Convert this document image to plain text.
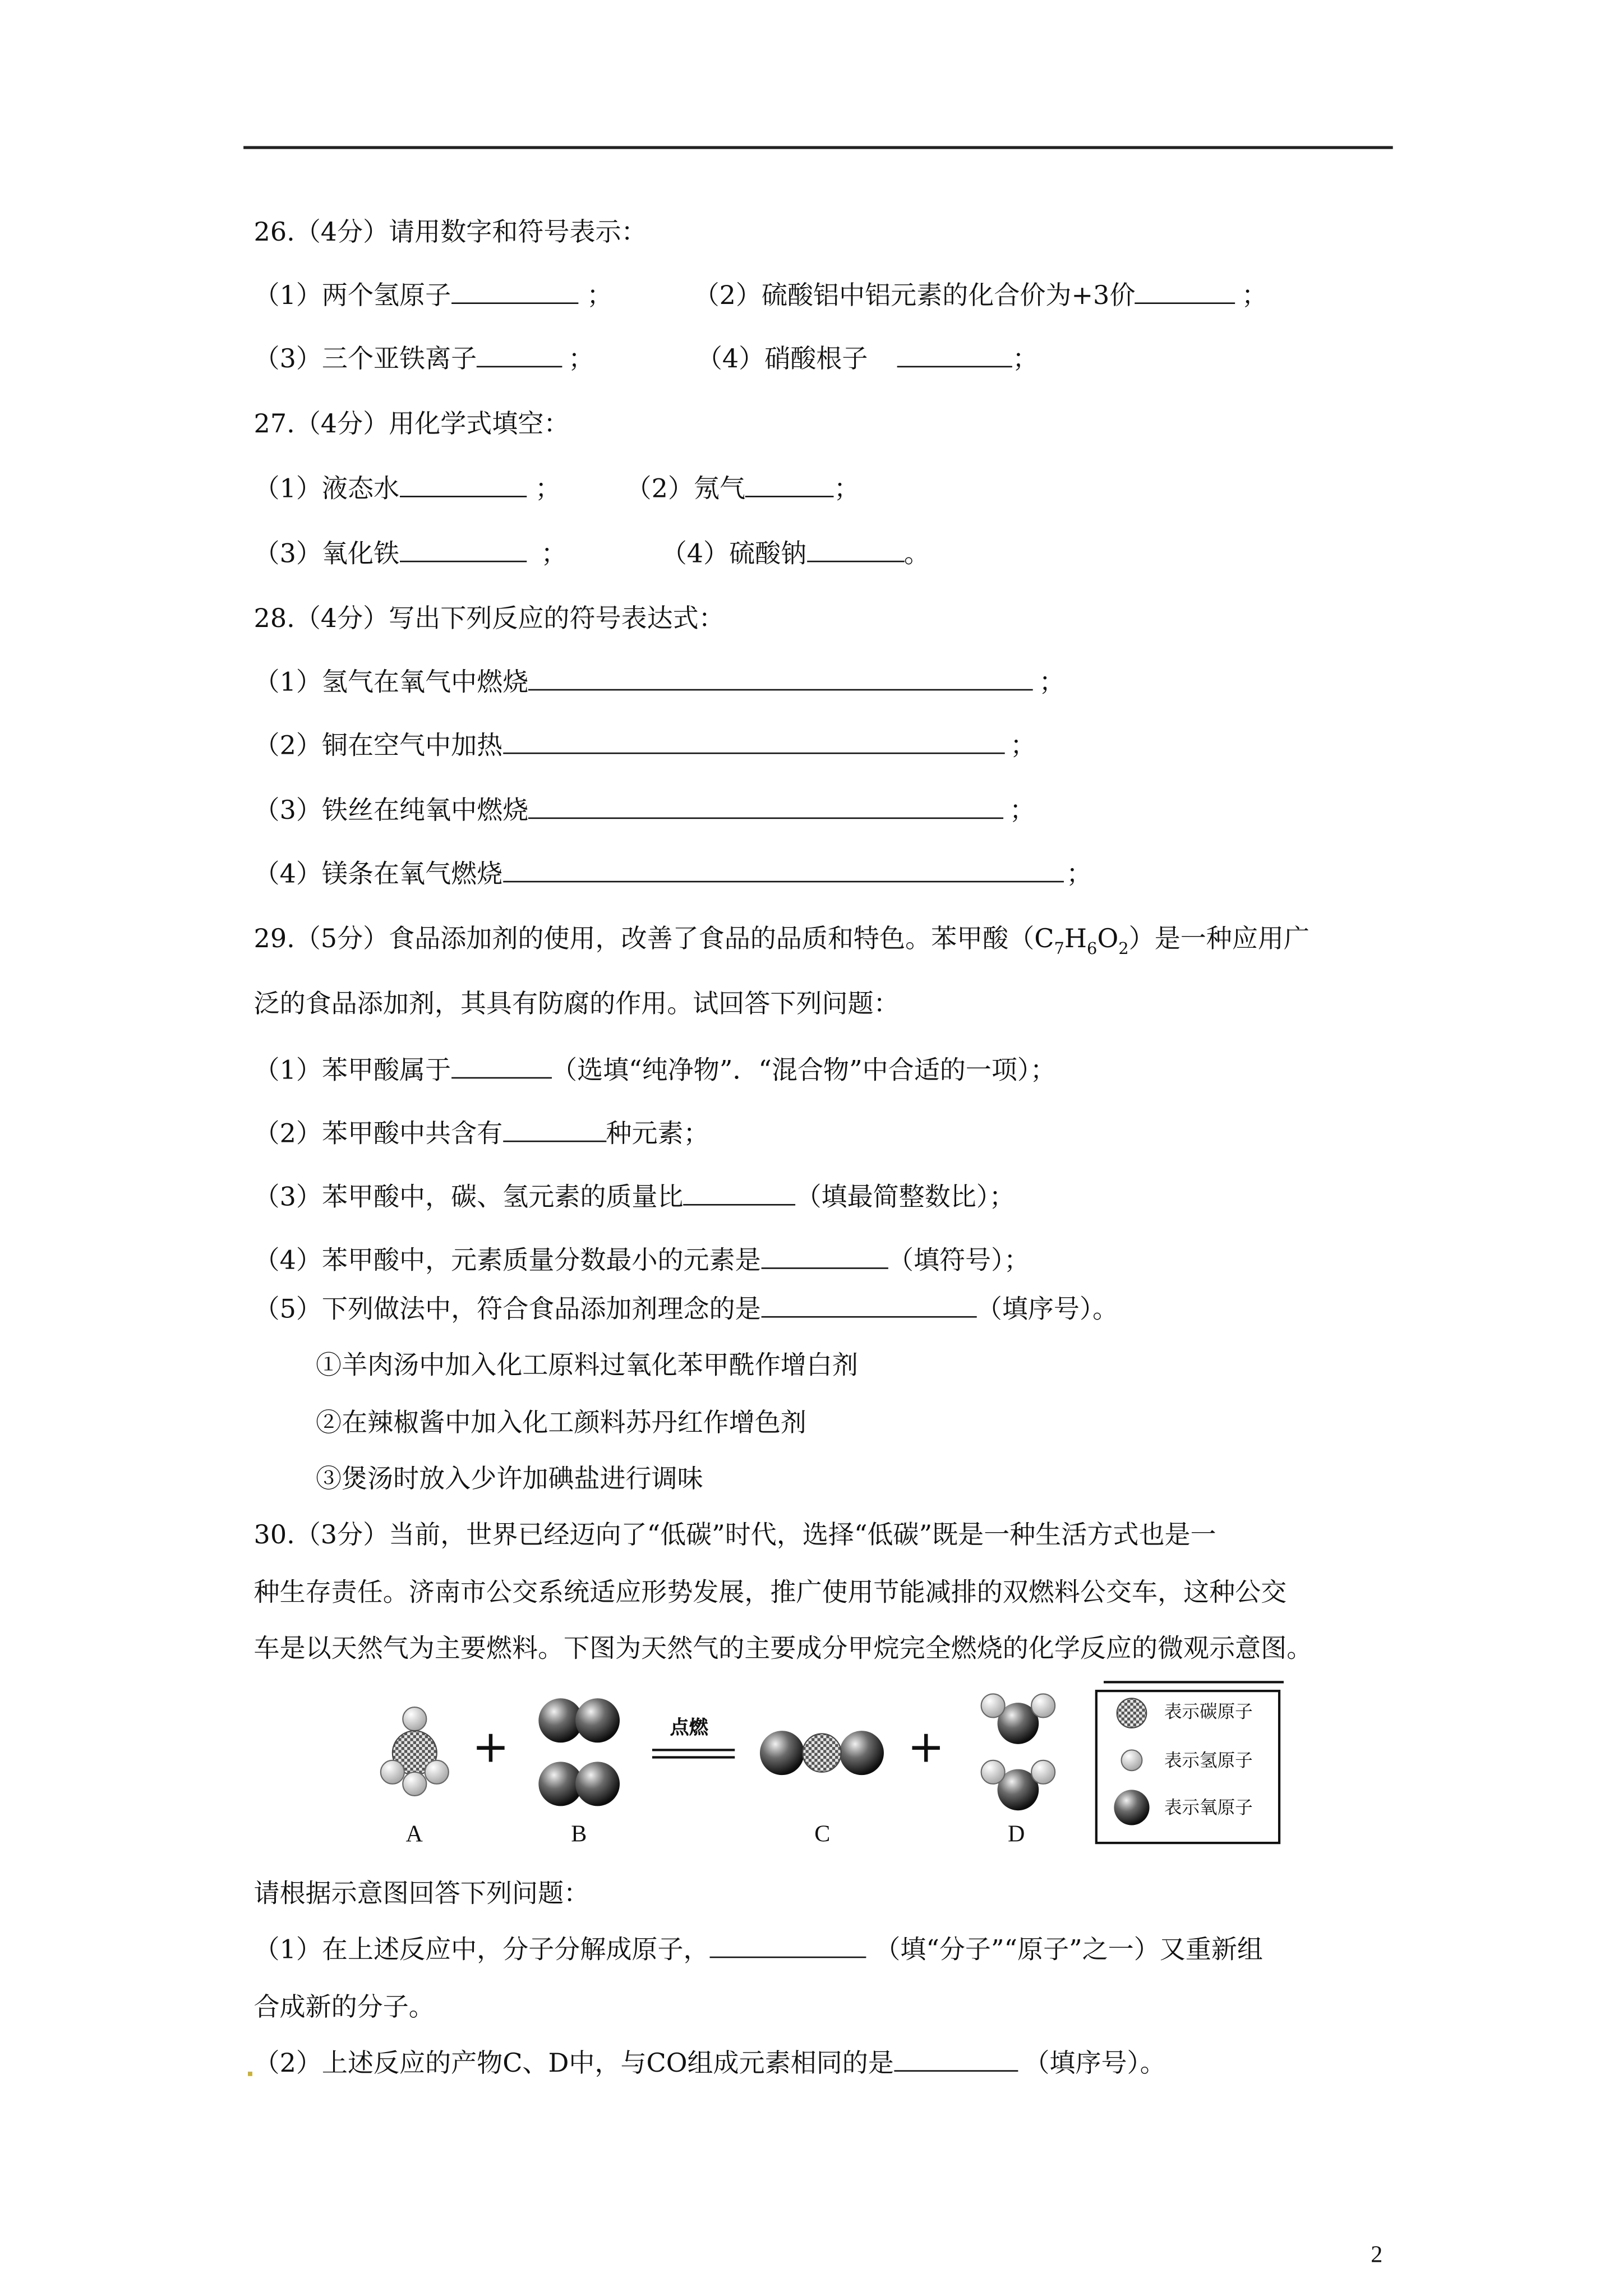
26.（4分）请用数字和符号表示：
（1）两个氢原子	；	（2）硫酸铝中铝元素的化合价为+3价	；
（3）三个亚铁离子	；	（4）硝酸根子	；
27.（4分）用化学式填空：
（1）液态水	；	（2）氖气	；
（3）氧化铁	；	（4）硫酸钠	。
28.（4分）写出下列反应的符号表达式：
（1）氢气在氧气中燃烧	；
（2）铜在空气中加热	；
（3）铁丝在纯氧中燃烧	；
（4）镁条在氧气燃烧	；
29.（5分）食品添加剂的使用，改善了食品的品质和特色。苯甲酸$(C_7H_6O_2)$是一种应用广
泛的食品添加剂，其具有防腐的作用。试回答下列问题：
（1）苯甲酸属于	（选填“纯净物”．“混合物”中合适的一项）；
（2）苯甲酸中共含有	种元素；
（3）苯甲酸中，碳、氢元素的质量比	（填最简整数比）；
（4）苯甲酸中，元素质量分数最小的元素是	（填符号）；
（5）下列做法中，符合食品添加剂理念的是	（填序号）。
①羊肉汤中加入化工原料过氧化苯甲酰作增白剂
②在辣椒酱中加入化工颜料苏丹红作增色剂
③煲汤时放入少许加碘盐进行调味
30.（3分）当前，世界已经迈向了“低碳”时代，选择“低碳”既是一种生活方式也是一
种生存责任。济南市公交系统适应形势发展，推广使用节能减排的双燃料公交车，这种公交
车是以天然气为主要燃料。下图为天然气的主要成分甲烷完全燃烧的化学反应的微观示意图。
+	+
点燃
A	B	C	D
表示碳原子
表示氢原子
表示氧原子
请根据示意图回答下列问题：
（1）在上述反应中，分子分解成原子，	（填“分子”“原子”之一）又重新组
合成新的分子。
（2）上述反应的产物C、D中，与CO组成元素相同的是	（填序号）。
2
